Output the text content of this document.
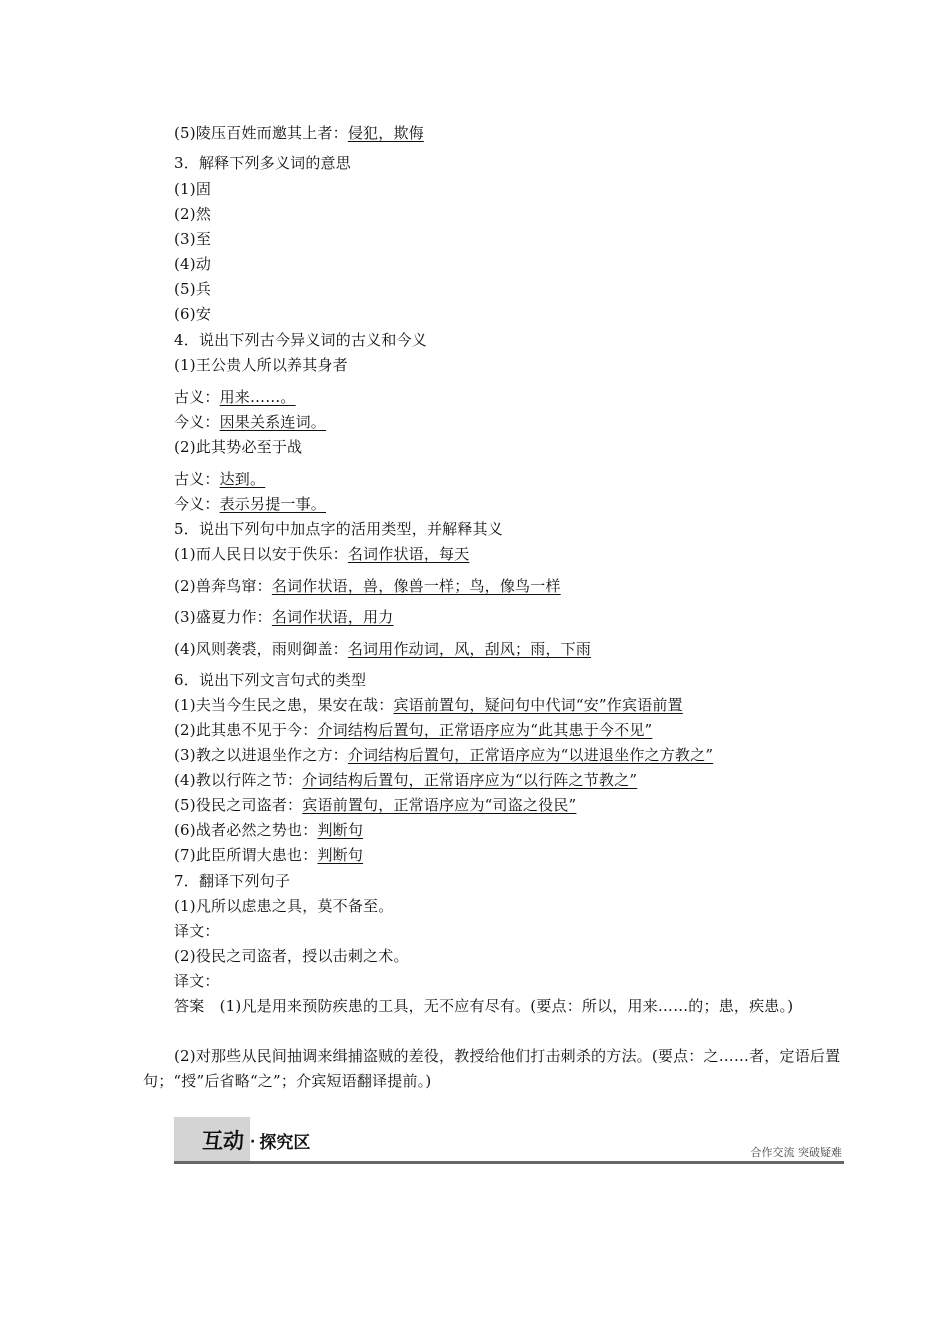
(5)陵压百姓而邀其上者：侵犯，欺侮
3．解释下列多义词的意思
(1)固
(2)然
(3)至
(4)动
(5)兵
(6)安
4．说出下列古今异义词的古义和今义
(1)王公贵人所以养其身者
古义：用来……。
今义：因果关系连词。
(2)此其势必至于战
古义：达到。
今义：表示另提一事。
5．说出下列句中加点字的活用类型，并解释其义
(1)而人民日以安于佚乐：名词作状语，每天
(2)兽奔鸟窜：名词作状语，兽，像兽一样；鸟，像鸟一样
(3)盛夏力作：名词作状语，用力
(4)风则袭裘，雨则御盖：名词用作动词，风，刮风；雨，下雨
6．说出下列文言句式的类型
(1)夫当今生民之患，果安在哉：宾语前置句，疑问句中代词“安”作宾语前置
(2)此其患不见于今：介词结构后置句，正常语序应为“此其患于今不见”
(3)教之以进退坐作之方：介词结构后置句，正常语序应为“以进退坐作之方教之”
(4)教以行阵之节：介词结构后置句，正常语序应为“以行阵之节教之”
(5)役民之司盗者：宾语前置句，正常语序应为“司盗之役民”
(6)战者必然之势也：判断句
(7)此臣所谓大患也：判断句
7．翻译下列句子
(1)凡所以虑患之具，莫不备至。
译文：
(2)役民之司盗者，授以击刺之术。
译文：
答案　(1)凡是用来预防疾患的工具，无不应有尽有。(要点：所以，用来……的；患，疾患。)
(2)对那些从民间抽调来缉捕盗贼的差役，教授给他们打击刺杀的方法。(要点：之……者，定语后置句；“授”后省略“之”；介宾短语翻译提前。)
互动 · 探究区	合作交流 突破疑难
